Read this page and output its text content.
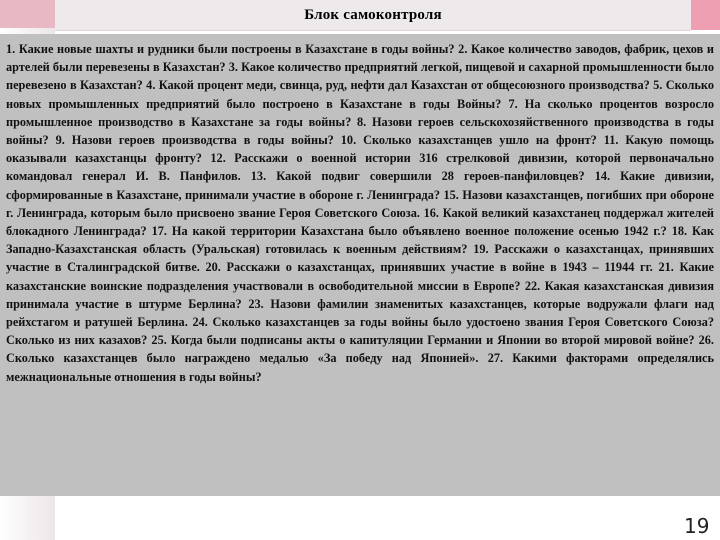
Блок самоконтроля

1. Какие новые шахты и рудники были построены в Казахстане в годы войны? 2. Какое количество заводов, фабрик, цехов и артелей были перевезены в Казахстан? 3. Какое количество предприятий легкой, пищевой и сахарной промышленности было перевезено в Казахстан? 4. Какой процент меди, свинца, руд, нефти дал Казахстан от общесоюзного производства? 5. Сколько новых промышленных предприятий было построено в Казахстане в годы Войны? 7. На сколько процентов возросло промышленное производство в Казахстане за годы войны? 8. Назови героев сельскохозяйственного производства в годы войны? 9. Назови героев производства в годы войны? 10. Сколько казахстанцев ушло на фронт? 11. Какую помощь оказывали казахстанцы фронту? 12. Расскажи о военной истории 316 стрелковой дивизии, которой первоначально командовал генерал И. В. Панфилов. 13. Какой подвиг совершили 28 героев-панфиловцев? 14. Какие дивизии, сформированные в Казахстане, принимали участие в обороне г. Ленинграда? 15. Назови казахстанцев, погибших при обороне г. Ленинграда, которым было присвоено звание Героя Советского Союза. 16. Какой великий казахстанец поддержал жителей блокадного Ленинграда? 17. На какой территории Казахстана было объявлено военное положение осенью 1942 г.? 18. Как Западно-Казахстанская область (Уральская) готовилась к военным действиям? 19. Расскажи о казахстанцах, принявших участие в Сталинградской битве. 20. Расскажи о казахстанцах, принявших участие в войне в 1943 – 11944 гг. 21. Какие казахстанские воинские подразделения участвовали в освободительной миссии в Европе? 22. Какая казахстанская дивизия принимала участие в штурме Берлина? 23. Назови фамилии знаменитых казахстанцев, которые водружали флаги над рейхстагом и ратушей Берлина. 24. Сколько казахстанцев за годы войны было удостоено звания Героя Советского Союза? Сколько из них казахов? 25. Когда были подписаны акты о капитуляции Германии и Японии во второй мировой войне? 26. Сколько казахстанцев было награждено медалью «За победу над Японией». 27. Какими факторами определялись межнациональные отношения в годы войны?

19
